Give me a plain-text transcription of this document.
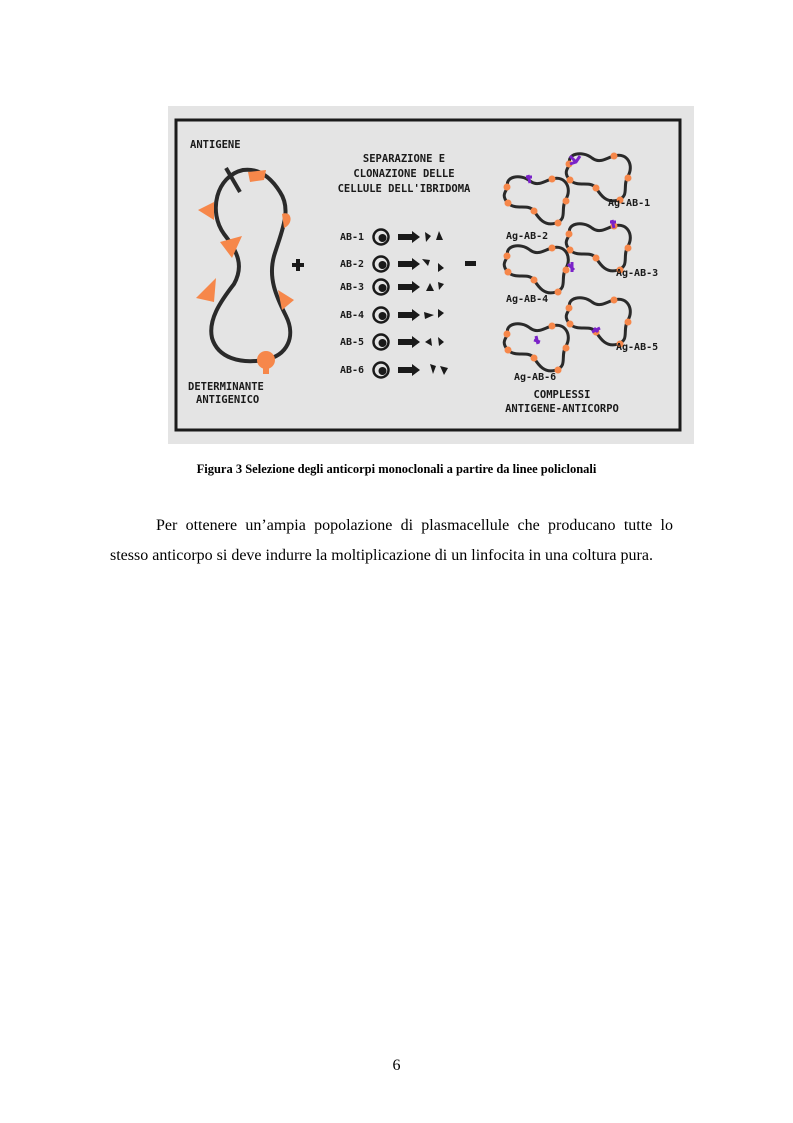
ANTIGENE
DETERMINANTE
ANTIGENICO
SEPARAZIONE E
CLONAZIONE DELLE
CELLULE DELL'IBRIDOMA
AB-1
AB-2
AB-3
AB-4
AB-5
AB-6
Ag-AB-1
Ag-AB-2
Ag-AB-3
Ag-AB-4
Ag-AB-5
Ag-AB-6
COMPLESSI
ANTIGENE-ANTICORPO
Figura 3 Selezione degli anticorpi monoclonali a partire da linee policlonali
Per ottenere un’ampia popolazione di plasmacellule che producano tutte lo stesso anticorpo si deve indurre la moltiplicazione di un linfocita in una coltura pura.
6
